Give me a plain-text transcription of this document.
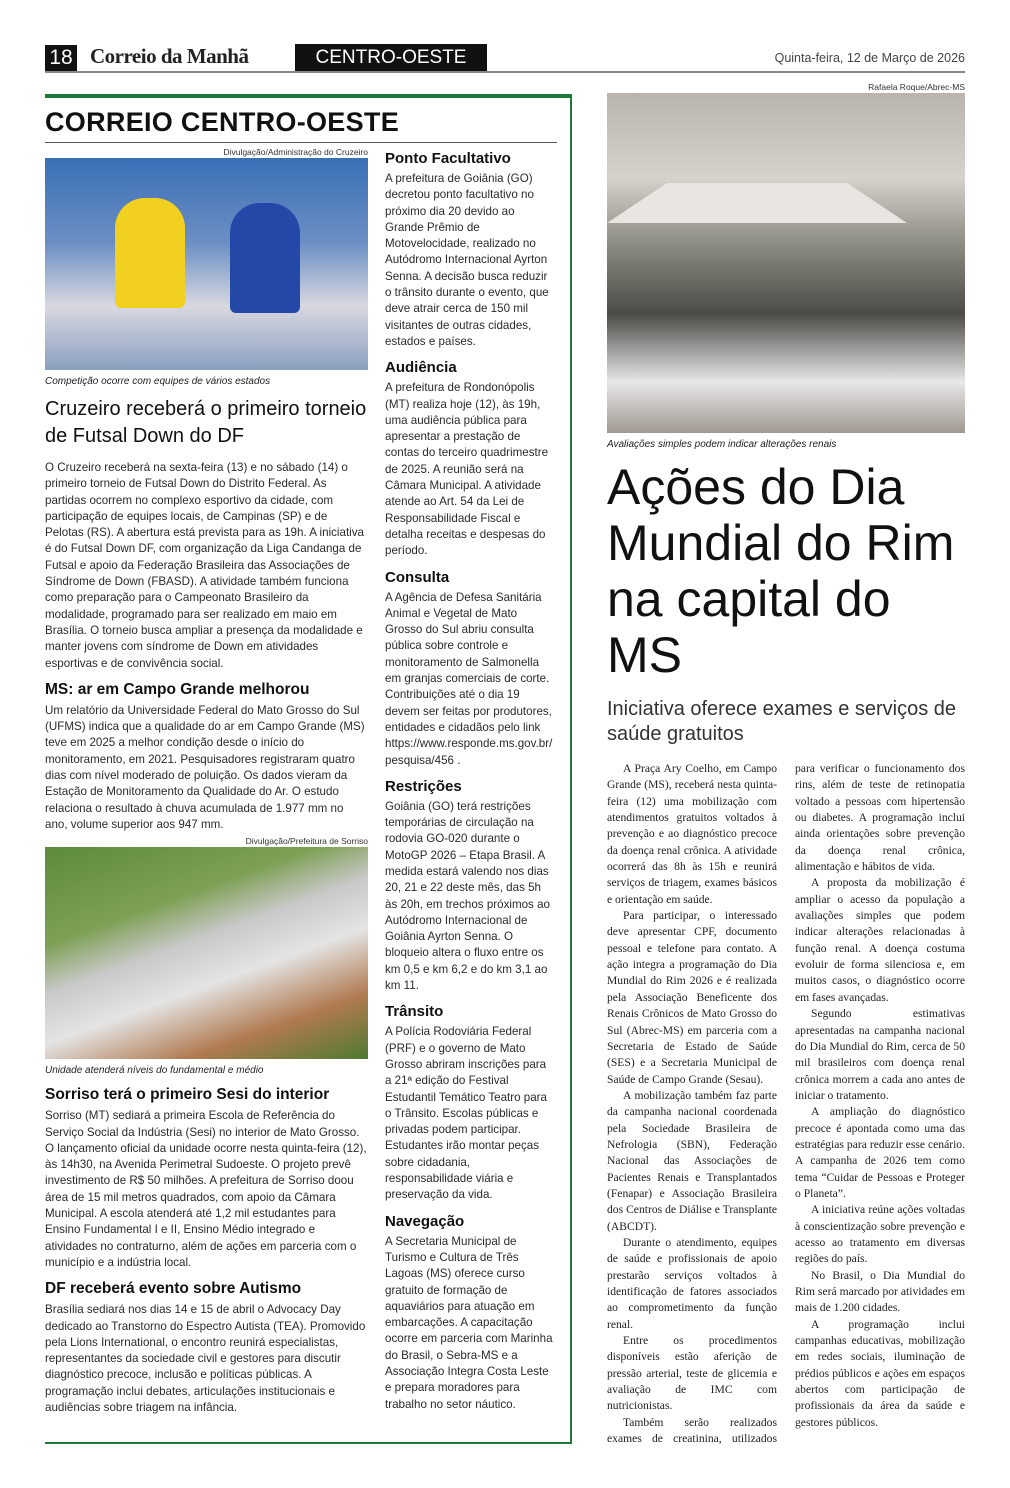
18 Correio da Manhã	CENTRO-OESTE	Quinta-feira, 12 de Março de 2026
CORREIO CENTRO-OESTE
Divulgação/Administração do Cruzeiro
Competição ocorre com equipes de vários estados
Cruzeiro receberá o primeiro torneio de Futsal Down do DF
O Cruzeiro receberá na sexta-feira (13) e no sábado (14) o primeiro torneio de Futsal Down do Distrito Federal. As partidas ocorrem no complexo esportivo da cidade, com participação de equipes locais, de Campinas (SP) e de Pelotas (RS). A abertura está prevista para as 19h. A iniciativa é do Futsal Down DF, com organização da Liga Candanga de Futsal e apoio da Federação Brasileira das Associações de Síndrome de Down (FBASD). A atividade também funciona como preparação para o Campeonato Brasileiro da modalidade, programado para ser realizado em maio em Brasília. O torneio busca ampliar a presença da modalidade e manter jovens com síndrome de Down em atividades esportivas e de convivência social.
MS: ar em Campo Grande melhorou
Um relatório da Universidade Federal do Mato Grosso do Sul (UFMS) indica que a qualidade do ar em Campo Grande (MS) teve em 2025 a melhor condição desde o início do monitoramento, em 2021. Pesquisadores registraram quatro dias com nível moderado de poluição. Os dados vieram da Estação de Monitoramento da Qualidade do Ar. O estudo relaciona o resultado à chuva acumulada de 1.977 mm no ano, volume superior aos 947 mm.
Divulgação/Prefeitura de Sorriso
Unidade atenderá níveis do fundamental e médio
Sorriso terá o primeiro Sesi do interior
Sorriso (MT) sediará a primeira Escola de Referência do Serviço Social da Indústria (Sesi) no interior de Mato Grosso. O lançamento oficial da unidade ocorre nesta quinta-feira (12), às 14h30, na Avenida Perimetral Sudoeste. O projeto prevê investimento de R$ 50 milhões. A prefeitura de Sorriso doou área de 15 mil metros quadrados, com apoio da Câmara Municipal. A escola atenderá até 1,2 mil estudantes para Ensino Fundamental I e II, Ensino Médio integrado e atividades no contraturno, além de ações em parceria com o município e a indústria local.
DF receberá evento sobre Autismo
Brasília sediará nos dias 14 e 15 de abril o Advocacy Day dedicado ao Transtorno do Espectro Autista (TEA). Promovido pela Lions International, o encontro reunirá especialistas, representantes da sociedade civil e gestores para discutir diagnóstico precoce, inclusão e políticas públicas. A programação inclui debates, articulações institucionais e audiências sobre triagem na infância.
Ponto Facultativo
A prefeitura de Goiânia (GO) decretou ponto facultativo no próximo dia 20 devido ao Grande Prêmio de Motovelocidade, realizado no Autódromo Internacional Ayrton Senna. A decisão busca reduzir o trânsito durante o evento, que deve atrair cerca de 150 mil visitantes de outras cidades, estados e países.
Audiência
A prefeitura de Rondonópolis (MT) realiza hoje (12), às 19h, uma audiência pública para apresentar a prestação de contas do terceiro quadrimestre de 2025. A reunião será na Câmara Municipal. A atividade atende ao Art. 54 da Lei de Responsabilidade Fiscal e detalha receitas e despesas do período.
Consulta
A Agência de Defesa Sanitária Animal e Vegetal de Mato Grosso do Sul abriu consulta pública sobre controle e monitoramento de Salmonella em granjas comerciais de corte. Contribuições até o dia 19 devem ser feitas por produtores, entidades e cidadãos pelo link https://www.responde.ms.gov.br/pesquisa/456 .
Restrições
Goiânia (GO) terá restrições temporárias de circulação na rodovia GO-020 durante o MotoGP 2026 – Etapa Brasil. A medida estará valendo nos dias 20, 21 e 22 deste mês, das 5h às 20h, em trechos próximos ao Autódromo Internacional de Goiânia Ayrton Senna. O bloqueio altera o fluxo entre os km 0,5 e km 6,2 e do km 3,1 ao km 11.
Trânsito
A Polícia Rodoviária Federal (PRF) e o governo de Mato Grosso abriram inscrições para a 21ª edição do Festival Estudantil Temático Teatro para o Trânsito. Escolas públicas e privadas podem participar. Estudantes irão montar peças sobre cidadania, responsabilidade viária e preservação da vida.
Navegação
A Secretaria Municipal de Turismo e Cultura de Três Lagoas (MS) oferece curso gratuito de formação de aquaviários para atuação em embarcações. A capacitação ocorre em parceria com Marinha do Brasil, o Sebra-MS e a Associação Integra Costa Leste e prepara moradores para trabalho no setor náutico.
Rafaela Roque/Abrec-MS
Avaliações simples podem indicar alterações renais
Ações do Dia Mundial do Rim na capital do MS
Iniciativa oferece exames e serviços de saúde gratuitos

A Praça Ary Coelho, em Campo Grande (MS), receberá nesta quinta-feira (12) uma mobilização com atendimentos gratuitos voltados à prevenção e ao diagnóstico precoce da doença renal crônica. A atividade ocorrerá das 8h às 15h e reunirá serviços de triagem, exames básicos e orientação em saúde.

Para participar, o interessado deve apresentar CPF, documento pessoal e telefone para contato. A ação integra a programação do Dia Mundial do Rim 2026 e é realizada pela Associação Beneficente dos Renais Crônicos de Mato Grosso do Sul (Abrec-MS) em parceria com a Secretaria de Estado de Saúde (SES) e a Secretaria Municipal de Saúde de Campo Grande (Sesau).

A mobilização também faz parte da campanha nacional coordenada pela Sociedade Brasileira de Nefrologia (SBN), Federação Nacional das Associações de Pacientes Renais e Transplantados (Fenapar) e Associação Brasileira dos Centros de Diálise e Transplante (ABCDT).

Durante o atendimento, equipes de saúde e profissionais de apoio prestarão serviços voltados à identificação de fatores associados ao comprometimento da função renal.

Entre os procedimentos disponíveis estão aferição de pressão arterial, teste de glicemia e avaliação de IMC com nutricionistas.

Também serão realizados exames de creatinina, utilizados para verificar o funcionamento dos rins, além de teste de retinopatia voltado a pessoas com hipertensão ou diabetes. A programação inclui ainda orientações sobre prevenção da doença renal crônica, alimentação e hábitos de vida.

A proposta da mobilização é ampliar o acesso da população a avaliações simples que podem indicar alterações relacionadas à função renal. A doença costuma evoluir de forma silenciosa e, em muitos casos, o diagnóstico ocorre em fases avançadas.

Segundo estimativas apresentadas na campanha nacional do Dia Mundial do Rim, cerca de 50 mil brasileiros com doença renal crônica morrem a cada ano antes de iniciar o tratamento.

A ampliação do diagnóstico precoce é apontada como uma das estratégias para reduzir esse cenário. A campanha de 2026 tem como tema “Cuidar de Pessoas e Proteger o Planeta”.

A iniciativa reúne ações voltadas à conscientização sobre prevenção e acesso ao tratamento em diversas regiões do país.

No Brasil, o Dia Mundial do Rim será marcado por atividades em mais de 1.200 cidades.

A programação inclui campanhas educativas, mobilização em redes sociais, iluminação de prédios públicos e ações em espaços abertos com participação de profissionais da área da saúde e gestores públicos.
